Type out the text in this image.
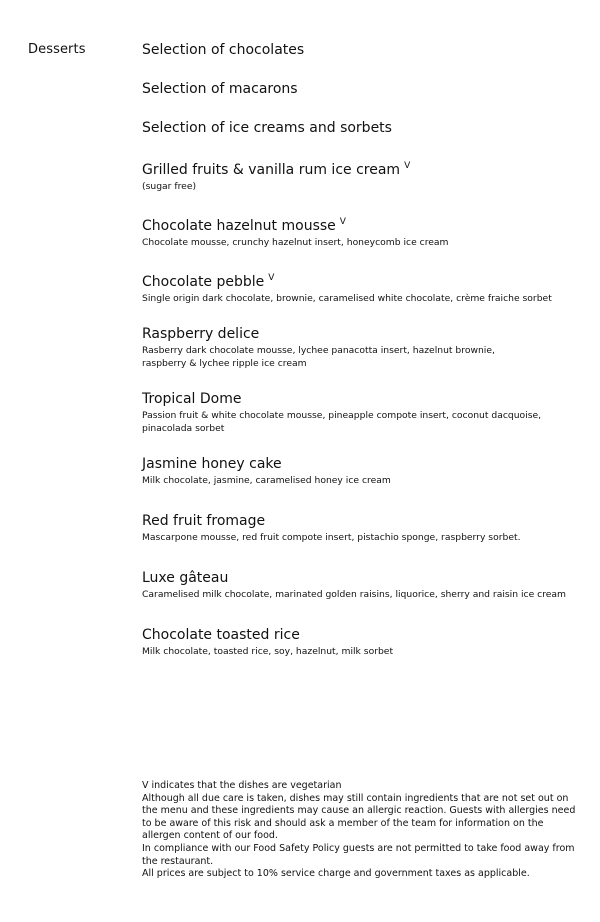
Desserts	Selection of chocolates
Selection of macarons
Selection of ice creams and sorbets
Grilled fruits & vanilla rum ice cream $^V$
(sugar free)
Chocolate hazelnut mousse $^V$
Chocolate mousse, crunchy hazelnut insert, honeycomb ice cream
Chocolate pebble $^V$
Single origin dark chocolate, brownie, caramelised white chocolate, crème fraiche sorbet
Raspberry delice
Rasberry dark chocolate mousse, lychee panacotta insert, hazelnut brownie, raspberry & lychee ripple ice cream
Tropical Dome
Passion fruit & white chocolate mousse, pineapple compote insert, coconut dacquoise, pinacolada sorbet
Jasmine honey cake
Milk chocolate, jasmine, caramelised honey ice cream
Red fruit fromage
Mascarpone mousse, red fruit compote insert, pistachio sponge, raspberry sorbet.
Luxe gâteau
Caramelised milk chocolate, marinated golden raisins, liquorice, sherry and raisin ice cream
Chocolate toasted rice
Milk chocolate, toasted rice, soy, hazelnut, milk sorbet

V indicates that the dishes are vegetarian

Although all due care is taken, dishes may still contain ingredients that are not set out on the menu and these ingredients may cause an allergic reaction. Guests with allergies need to be aware of this risk and should ask a member of the team for information on the allergen content of our food.

In compliance with our Food Safety Policy guests are not permitted to take food away from the restaurant.

All prices are subject to 10% service charge and government taxes as applicable.
